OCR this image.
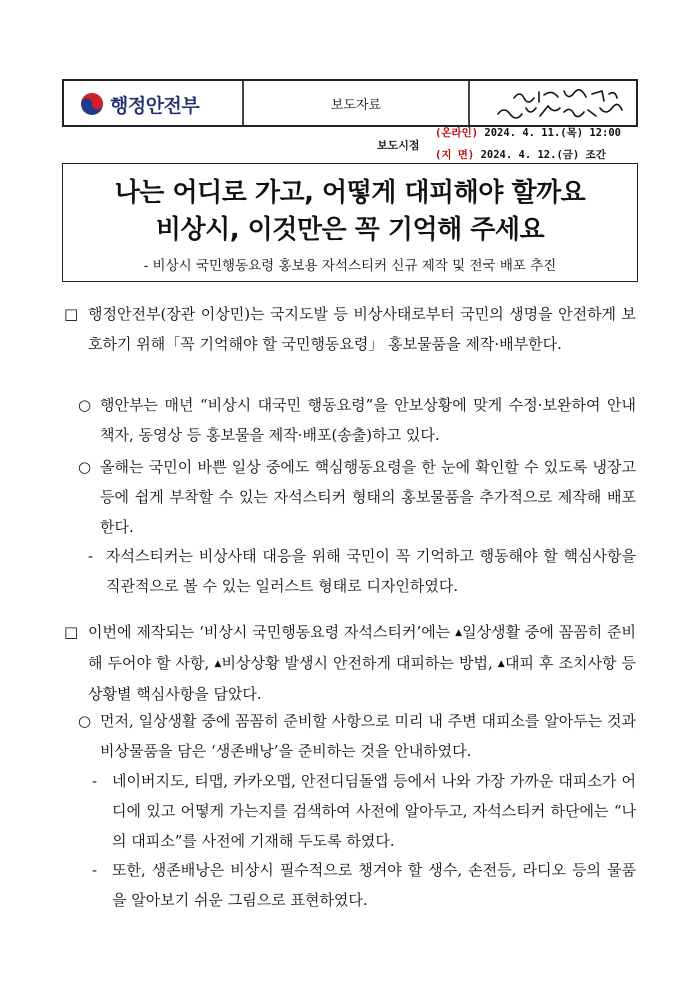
행정안전부	보도자료
보도시점
(온라인) 2024. 4. 11.(목) 12:00
(지 면) 2024. 4. 12.(금) 조간
나는 어디로 가고, 어떻게 대피해야 할까요
비상시, 이것만은 꼭 기억해 주세요
- 비상시 국민행동요령 홍보용 자석스티커 신규 제작 및 전국 배포 추진
□ 행정안전부(장관 이상민)는 국지도발 등 비상사태로부터 국민의 생명을 안전하게 보호하기 위해「꼭 기억해야 할 국민행동요령」 홍보물품을 제작·배부한다.
○ 행안부는 매년 “비상시 대국민 행동요령”을 안보상황에 맞게 수정·보완하여 안내책자, 동영상 등 홍보물을 제작·배포(송출)하고 있다.
○ 올해는 국민이 바쁜 일상 중에도 핵심행동요령을 한 눈에 확인할 수 있도록 냉장고 등에 쉽게 부착할 수 있는 자석스티커 형태의 홍보물품을 추가적으로 제작해 배포한다.
- 자석스티커는 비상사태 대응을 위해 국민이 꼭 기억하고 행동해야 할 핵심사항을 직관적으로 볼 수 있는 일러스트 형태로 디자인하였다.
□ 이번에 제작되는 ‘비상시 국민행동요령 자석스티커’에는 ▲일상생활 중에 꼼꼼히 준비해 두어야 할 사항, ▲비상상황 발생시 안전하게 대피하는 방법, ▲대피 후 조치사항 등 상황별 핵심사항을 담았다.
○ 먼저, 일상생활 중에 꼼꼼히 준비할 사항으로 미리 내 주변 대피소를 알아두는 것과 비상물품을 담은 ‘생존배낭’을 준비하는 것을 안내하였다.
- 네이버지도, 티맵, 카카오맵, 안전디딤돌앱 등에서 나와 가장 가까운 대피소가 어디에 있고 어떻게 가는지를 검색하여 사전에 알아두고, 자석스티커 하단에는 “나의 대피소”를 사전에 기재해 두도록 하였다.
- 또한, 생존배낭은 비상시 필수적으로 챙겨야 할 생수, 손전등, 라디오 등의 물품을 알아보기 쉬운 그림으로 표현하였다.
